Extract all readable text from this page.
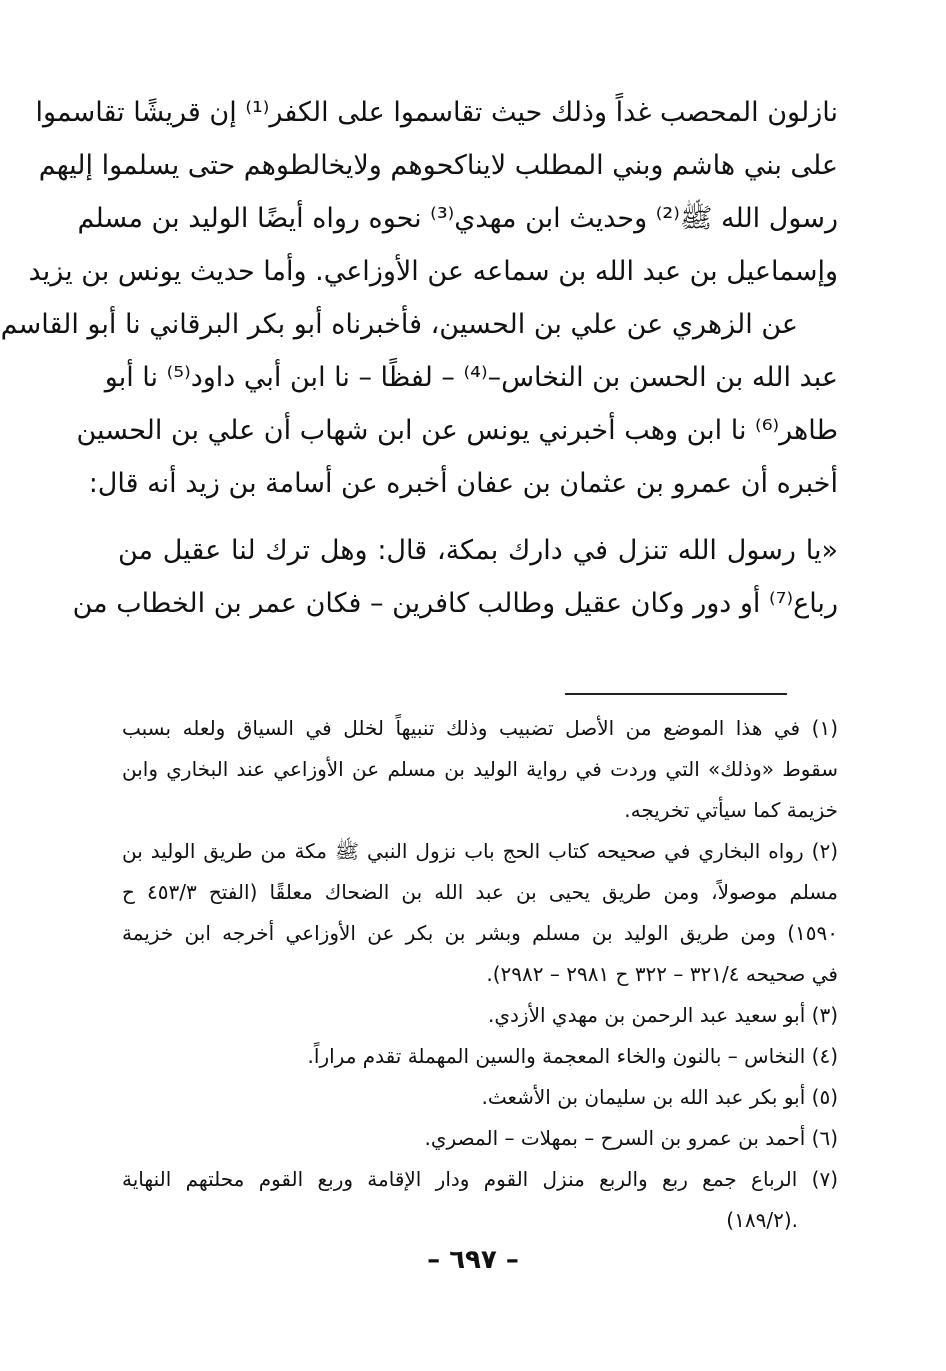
نازلون المحصب غداً وذلك حيث تقاسموا على الكفر⁽¹⁾ إن قريشًا تقاسموا
على بني هاشم وبني المطلب لايناكحوهم ولايخالطوهم حتى يسلموا إليهم
رسول الله ﷺ⁽²⁾ وحديث ابن مهدي⁽³⁾ نحوه رواه أيضًا الوليد بن مسلم
وإسماعيل بن عبد الله بن سماعه عن الأوزاعي. وأما حديث يونس بن يزيد
عن الزهري عن علي بن الحسين، فأخبرناه أبو بكر البرقاني نا أبو القاسم
عبد الله بن الحسن بن النخاس–⁽⁴⁾ – لفظًا – نا ابن أبي داود⁽⁵⁾ نا أبو
طاهر⁽⁶⁾ نا ابن وهب أخبرني يونس عن ابن شهاب أن علي بن الحسين
أخبره أن عمرو بن عثمان بن عفان أخبره عن أسامة بن زيد أنه قال:
«يا رسول الله تنزل في دارك بمكة، قال: وهل ترك لنا عقيل من
رباع⁽⁷⁾ أو دور وكان عقيل وطالب كافرين – فكان عمر بن الخطاب من
(١) في هذا الموضع من الأصل تضبيب وذلك تنبيهاً لخلل في السياق ولعله بسبب
سقوط «وذلك» التي وردت في رواية الوليد بن مسلم عن الأوزاعي عند البخاري وابن
خزيمة كما سيأتي تخريجه.
(٢) رواه البخاري في صحيحه كتاب الحج باب نزول النبي ﷺ مكة من طريق الوليد بن
مسلم موصولاً، ومن طريق يحيى بن عبد الله بن الضحاك معلقًا (الفتح ٤٥٣/٣ ح
١٥٩٠) ومن طريق الوليد بن مسلم وبشر بن بكر عن الأوزاعي أخرجه ابن خزيمة
في صحيحه ٣٢١/٤ – ٣٢٢ ح ٢٩٨١ – ٢٩٨٢).
(٣) أبو سعيد عبد الرحمن بن مهدي الأزدي.
(٤) النخاس – بالنون والخاء المعجمة والسين المهملة تقدم مراراً.
(٥) أبو بكر عبد الله بن سليمان بن الأشعث.
(٦) أحمد بن عمرو بن السرح – بمهلات – المصري.
(٧) الرباع جمع ربع والربع منزل القوم ودار الإقامة وربع القوم محلتهم النهاية
.(١٨٩/٢)
– ٦٩٧ –
